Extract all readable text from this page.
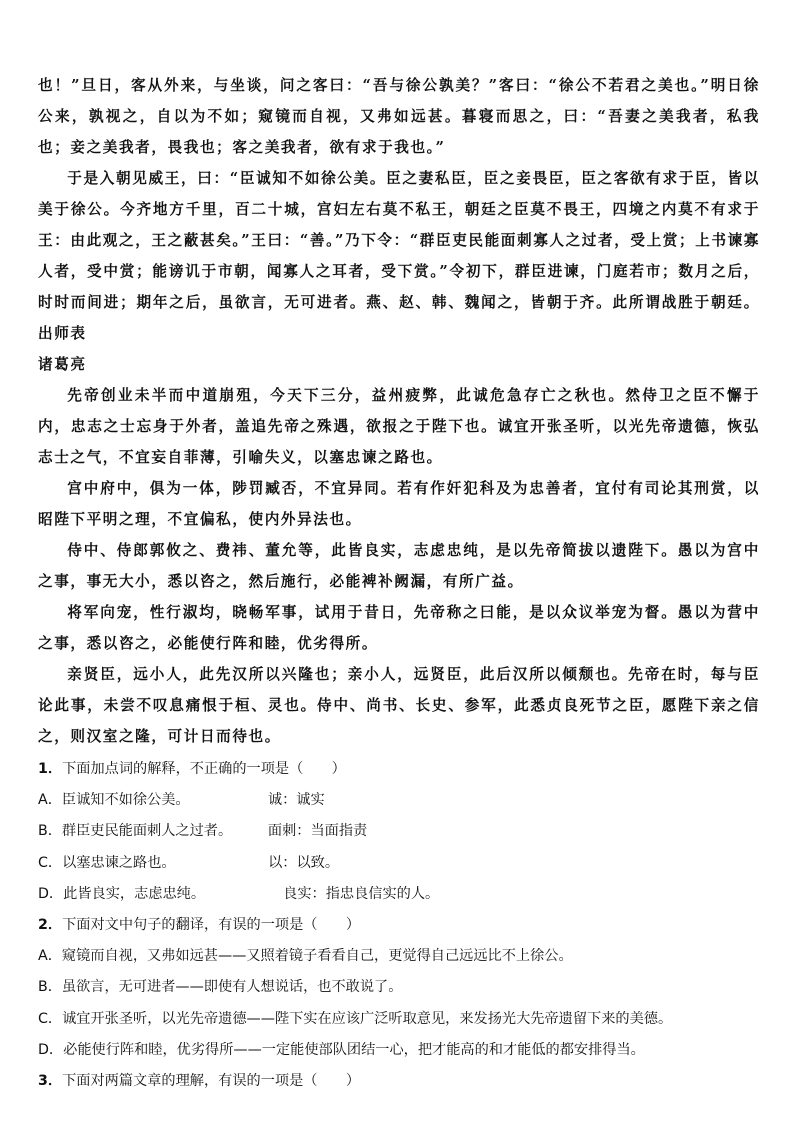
也！”旦日，客从外来，与坐谈，问之客曰：“吾与徐公孰美？”客曰：“徐公不若君之美也。”明日徐公来，孰视之，自以为不如；窥镜而自视，又弗如远甚。暮寝而思之，曰：“吾妻之美我者，私我也；妾之美我者，畏我也；客之美我者，欲有求于我也。”

于是入朝见威王，曰：“臣诚知不如徐公美。臣之妻私臣，臣之妾畏臣，臣之客欲有求于臣，皆以美于徐公。今齐地方千里，百二十城，宫妇左右莫不私王，朝廷之臣莫不畏王，四境之内莫不有求于王：由此观之，王之蔽甚矣。”王曰：“善。”乃下令：“群臣吏民能面刺寡人之过者，受上赏；上书谏寡人者，受中赏；能谤讥于市朝，闻寡人之耳者，受下赏。”令初下，群臣进谏，门庭若市；数月之后，时时而间进；期年之后，虽欲言，无可进者。燕、赵、韩、魏闻之，皆朝于齐。此所谓战胜于朝廷。出师表

诸葛亮

先帝创业未半而中道崩殂，今天下三分，益州疲弊，此诚危急存亡之秋也。然侍卫之臣不懈于内，忠志之士忘身于外者，盖追先帝之殊遇，欲报之于陛下也。诚宜开张圣听，以光先帝遗德，恢弘志士之气，不宜妄自菲薄，引喻失义，以塞忠谏之路也。

宫中府中，俱为一体，陟罚臧否，不宜异同。若有作奸犯科及为忠善者，宜付有司论其刑赏，以昭陛下平明之理，不宜偏私，使内外异法也。

侍中、侍郎郭攸之、费祎、董允等，此皆良实，志虑忠纯，是以先帝简拔以遗陛下。愚以为宫中之事，事无大小，悉以咨之，然后施行，必能裨补阙漏，有所广益。

将军向宠，性行淑均，晓畅军事，试用于昔日，先帝称之曰能，是以众议举宠为督。愚以为营中之事，悉以咨之，必能使行阵和睦，优劣得所。

亲贤臣，远小人，此先汉所以兴隆也；亲小人，远贤臣，此后汉所以倾颓也。先帝在时，每与臣论此事，未尝不叹息痛恨于桓、灵也。侍中、尚书、长史、参军，此悉贞良死节之臣，愿陛下亲之信之，则汉室之隆，可计日而待也。

1．下面加点词的解释，不正确的一项是（　　）
A．臣诚知不如徐公美。	诚：诚实
B．群臣吏民能面刺人之过者。	面刺：当面指责
C．以塞忠谏之路也。	以：以致。
D．此皆良实，志虑忠纯。	良实：指忠良信实的人。
2．下面对文中句子的翻译，有误的一项是（　　）
A．窥镜而自视，又弗如远甚——又照着镜子看看自己，更觉得自己远远比不上徐公。
B．虽欲言，无可进者——即使有人想说话，也不敢说了。
C．诚宜开张圣听，以光先帝遗德——陛下实在应该广泛听取意见，来发扬光大先帝遗留下来的美德。
D．必能使行阵和睦，优劣得所——一定能使部队团结一心，把才能高的和才能低的都安排得当。
3．下面对两篇文章的理解，有误的一项是（　　）
